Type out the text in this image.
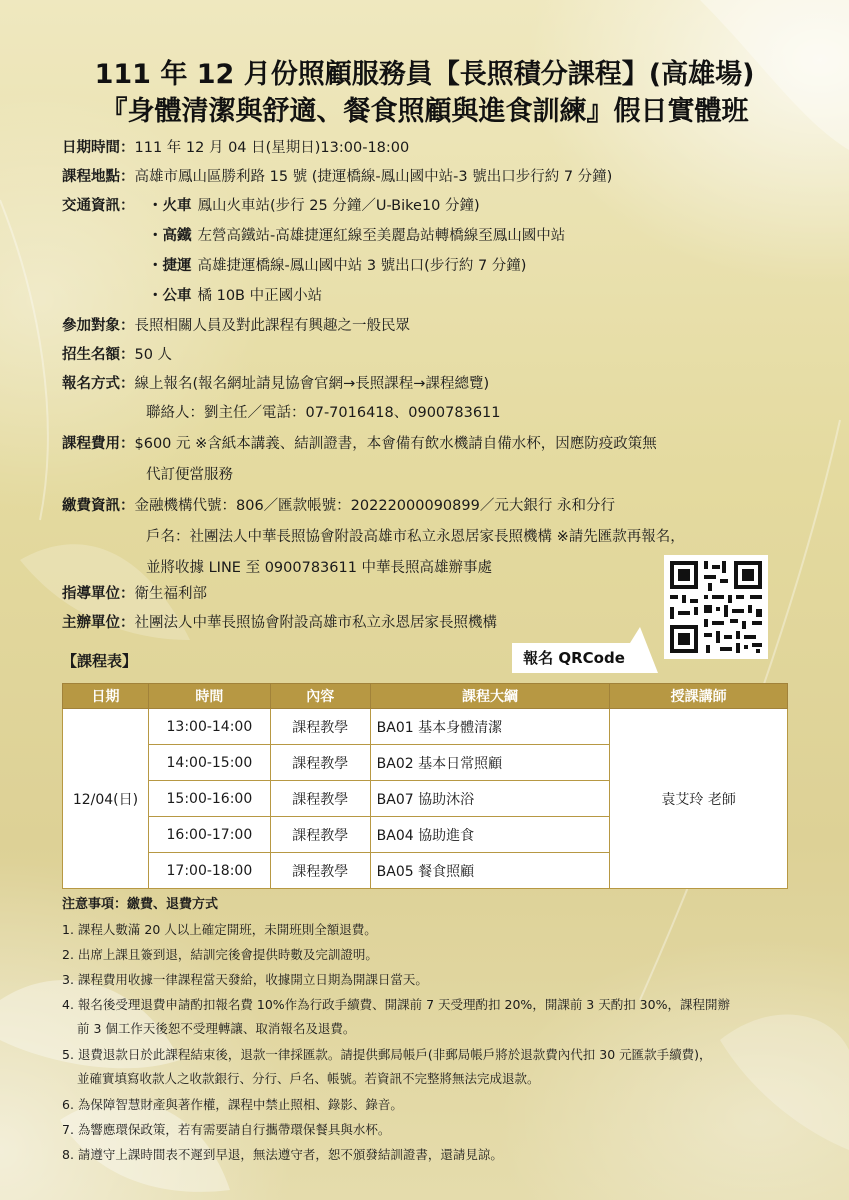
111 年 12 月份照顧服務員【長照積分課程】(高雄場)
『身體清潔與舒適、餐食照顧與進食訓練』假日實體班
日期時間：111 年 12 月 04 日(星期日)13:00-18:00
課程地點：高雄市鳳山區勝利路 15 號 (捷運橋線-鳳山國中站-3 號出口步行約 7 分鐘)
交通資訊： ・火車 鳳山火車站(步行 25 分鐘／U-Bike10 分鐘)
・高鐵 左營高鐵站-高雄捷運紅線至美麗島站轉橋線至鳳山國中站
・捷運 高雄捷運橋線-鳳山國中站 3 號出口(步行約 7 分鐘)
・公車 橘 10B 中正國小站
參加對象：長照相關人員及對此課程有興趣之一般民眾
招生名額：50 人
報名方式：線上報名(報名網址請見協會官網→長照課程→課程總覽)
聯絡人：劉主任／電話：07-7016418、0900783611
課程費用：$600 元 ※含紙本講義、結訓證書，本會備有飲水機請自備水杯，因應防疫政策無
代訂便當服務
繳費資訊：金融機構代號：806／匯款帳號：20222000090899／元大銀行 永和分行
戶名：社團法人中華長照協會附設高雄市私立永恩居家長照機構 ※請先匯款再報名，
並將收據 LINE 至 0900783611 中華長照高雄辦事處
指導單位：衛生福利部
主辦單位：社團法人中華長照協會附設高雄市私立永恩居家長照機構
報名 QRCode
【課程表】
日期	時間	內容	課程大綱	授課講師
12/04(日)	13:00-14:00	課程教學	BA01 基本身體清潔	袁艾玲 老師
	14:00-15:00	課程教學	BA02 基本日常照顧	
	15:00-16:00	課程教學	BA07 協助沐浴	
	16:00-17:00	課程教學	BA04 協助進食	
	17:00-18:00	課程教學	BA05 餐食照顧	
注意事項：繳費、退費方式
1. 課程人數滿 20 人以上確定開班，未開班則全額退費。
2. 出席上課且簽到退，結訓完後會提供時數及完訓證明。
3. 課程費用收據一律課程當天發給，收據開立日期為開課日當天。
4. 報名後受理退費申請酌扣報名費 10%作為行政手續費、開課前 7 天受理酌扣 20%，開課前 3 天酌扣 30%，課程開辦
前 3 個工作天後恕不受理轉讓、取消報名及退費。
5. 退費退款日於此課程結束後，退款一律採匯款。請提供郵局帳戶(非郵局帳戶將於退款費內代扣 30 元匯款手續費)，
並確實填寫收款人之收款銀行、分行、戶名、帳號。若資訊不完整將無法完成退款。
6. 為保障智慧財產與著作權，課程中禁止照相、錄影、錄音。
7. 為響應環保政策，若有需要請自行攜帶環保餐具與水杯。
8. 請遵守上課時間表不遲到早退，無法遵守者，恕不頒發結訓證書，還請見諒。
